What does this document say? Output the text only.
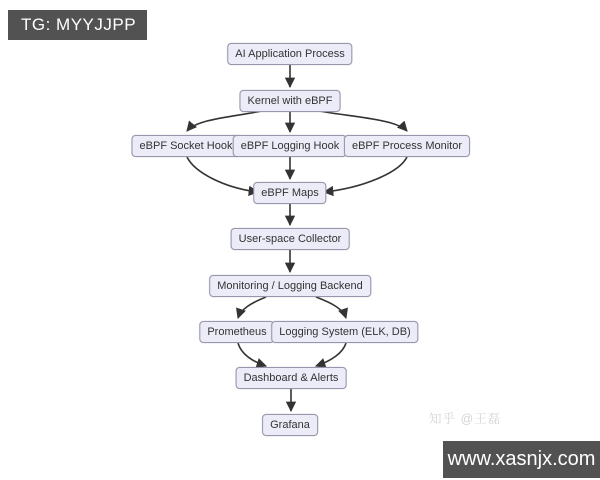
AI Application Process
Kernel with eBPF
eBPF Socket Hook eBPF Logging Hook	eBPF Process Monitor
eBPF Maps
User-space Collector
Monitoring / Logging Backend
Prometheus	Logging System (ELK, DB)
Dashboard & Alerts
Grafana	知乎 @王磊
TG: MYYJJPP
www.xasnjx.com
